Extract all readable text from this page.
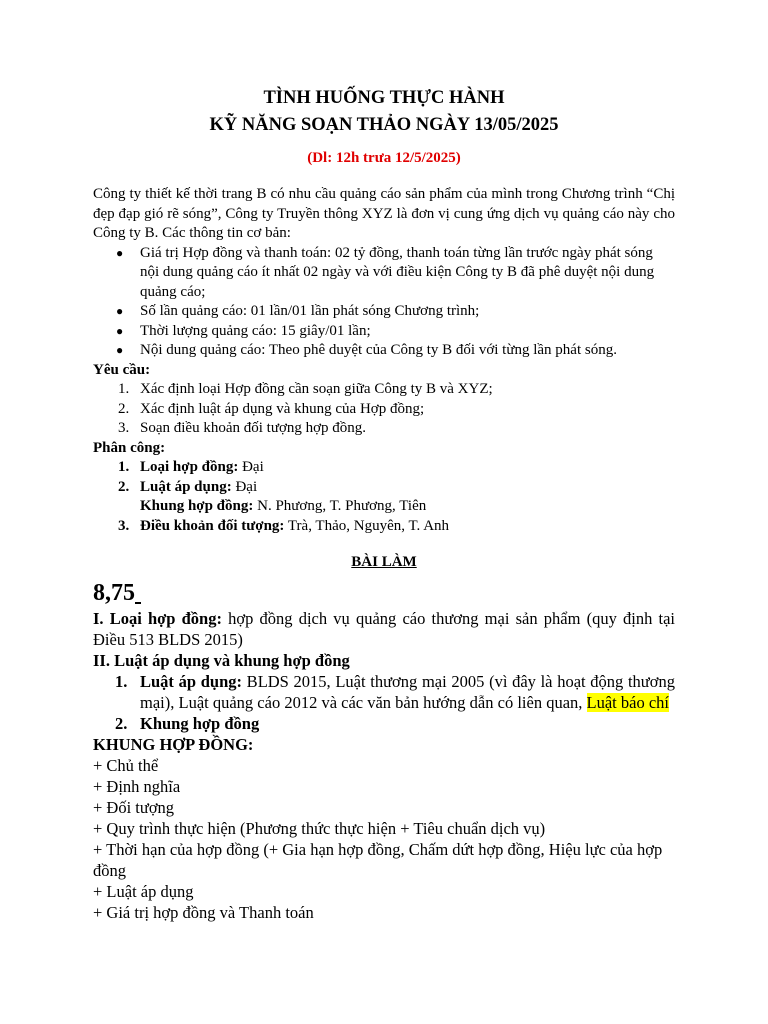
TÌNH HUỐNG THỰC HÀNH
KỸ NĂNG SOẠN THẢO NGÀY 13/05/2025
(Dl: 12h trưa 12/5/2025)
Công ty thiết kế thời trang B có nhu cầu quảng cáo sản phẩm của mình trong Chương trình “Chị đẹp đạp gió rẽ sóng”, Công ty Truyền thông XYZ là đơn vị cung ứng dịch vụ quảng cáo này cho Công ty B. Các thông tin cơ bản:
● Giá trị Hợp đồng và thanh toán: 02 tỷ đồng, thanh toán từng lần trước ngày phát sóng nội dung quảng cáo ít nhất 02 ngày và với điều kiện Công ty B đã phê duyệt nội dung quảng cáo;
● Số lần quảng cáo: 01 lần/01 lần phát sóng Chương trình;
● Thời lượng quảng cáo: 15 giây/01 lần;
● Nội dung quảng cáo: Theo phê duyệt của Công ty B đối với từng lần phát sóng.
Yêu cầu:
1. Xác định loại Hợp đồng cần soạn giữa Công ty B và XYZ;
2. Xác định luật áp dụng và khung của Hợp đồng;
3. Soạn điều khoản đối tượng hợp đồng.
Phân công:
1. Loại hợp đồng: Đại
2. Luật áp dụng: Đại
Khung hợp đồng: N. Phương, T. Phương, Tiên
3. Điều khoản đối tượng: Trà, Thảo, Nguyên, T. Anh
BÀI LÀM
8,75
I. Loại hợp đồng: hợp đồng dịch vụ quảng cáo thương mại sản phẩm (quy định tại Điều 513 BLDS 2015)
II. Luật áp dụng và khung hợp đồng
1. Luật áp dụng: BLDS 2015, Luật thương mại 2005 (vì đây là hoạt động thương mại), Luật quảng cáo 2012 và các văn bản hướng dẫn có liên quan, Luật báo chí
2. Khung hợp đồng
KHUNG HỢP ĐỒNG:
+ Chủ thể
+ Định nghĩa
+ Đối tượng
+ Quy trình thực hiện (Phương thức thực hiện + Tiêu chuẩn dịch vụ)
+ Thời hạn của hợp đồng (+ Gia hạn hợp đồng, Chấm dứt hợp đồng, Hiệu lực của hợp đồng
+ Luật áp dụng
+ Giá trị hợp đồng và Thanh toán
